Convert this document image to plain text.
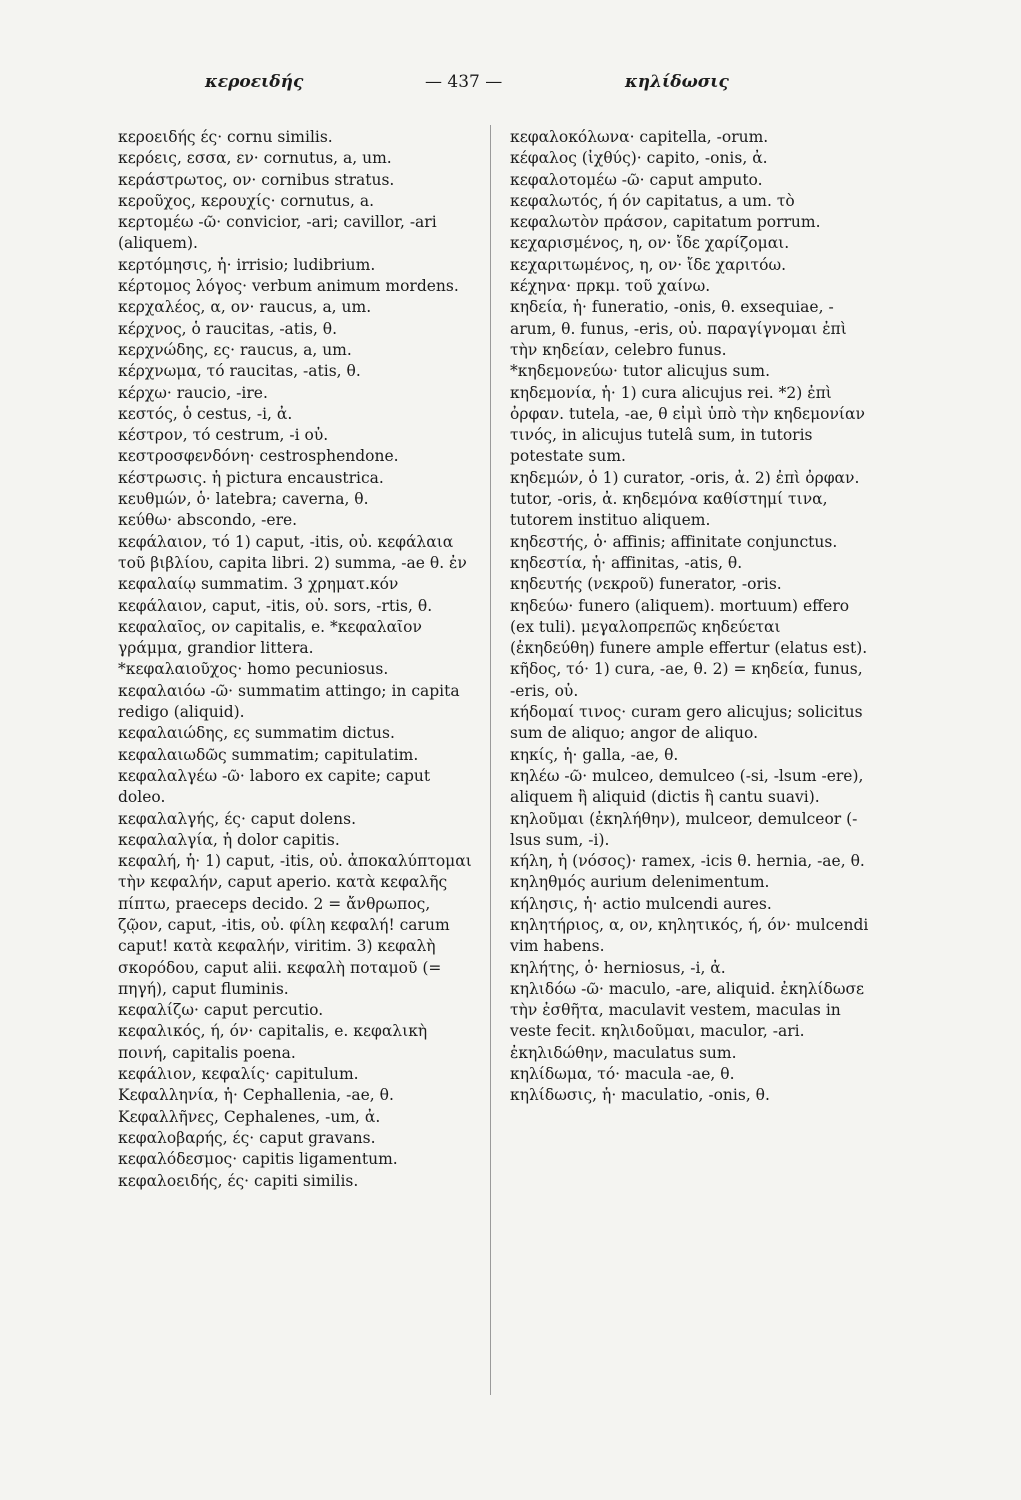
κεροειδής	— 437 —	κηλίδωσις

κεροειδής ές· cornu similis.

κερόεις, εσσα, εν· cornutus, a, um.

κεράστρωτος, ον· cornibus stratus.

κεροῦχος, κερουχίς· cornutus, a.

κερτομέω -ῶ· convicior, -ari; cavillor, -ari (aliquem).

κερτόμησις, ἡ· irrisio; ludibrium.

κέρτομος λόγος· verbum animum mordens.

κερχαλέος, α, ον· raucus, a, um.

κέρχνος, ὁ raucitas, -atis, θ.

κερχνώδης, ες· raucus, a, um.

κέρχνωμα, τό raucitas, -atis, θ.

κέρχω· raucio, -ire.

κεστός, ὁ cestus, -i, ἀ.

κέστρον, τό cestrum, -i οὐ.

κεστροσφενδόνη· cestrosphendone.

κέστρωσις. ἡ pictura encaustrica.

κευθμών, ὁ· latebra; caverna, θ.

κεύθω· abscondo, -ere.

κεφάλαιον, τό 1) caput, -itis, οὐ. κεφάλαια τοῦ βιβλίου, capita libri. 2) summa, -ae θ. ἐν κεφαλαίῳ summatim. 3 χρηματ.κόν κεφάλαιον, caput, -itis, οὐ. sors, -rtis, θ.

κεφαλαῖος, ον capitalis, e. *κεφαλαῖον γράμμα, grandior littera.

*κεφαλαιοῦχος· homo pecuniosus.

κεφαλαιόω -ῶ· summatim attingo; in capita redigo (aliquid).

κεφαλαιώδης, ες summatim dictus.

κεφαλαιωδῶς summatim; capitulatim.

κεφαλαλγέω -ῶ· laboro ex capite; caput doleo.

κεφαλαλγής, ές· caput dolens.

κεφαλαλγία, ἡ dolor capitis.

κεφαλή, ἡ· 1) caput, -itis, οὐ. ἀποκαλύπτομαι τὴν κεφαλήν, caput aperio. κατὰ κεφαλῆς πίπτω, praeceps decido. 2 = ἄνθρωπος, ζῷον, caput, -itis, οὐ. φίλη κεφαλή! carum caput! κατὰ κεφαλήν, viritim. 3) κεφαλὴ σκορόδου, caput alii. κεφαλὴ ποταμοῦ (= πηγή), caput fluminis.

κεφαλίζω· caput percutio.

κεφαλικός, ή, όν· capitalis, e. κεφαλικὴ ποινή, capitalis poena.

κεφάλιον, κεφαλίς· capitulum.

Κεφαλληνία, ἡ· Cephallenia, -ae, θ. Κεφαλλῆνες, Cephalenes, -um, ἀ.

κεφαλοβαρής, ές· caput gravans.

κεφαλόδεσμος· capitis ligamentum.

κεφαλοειδής, ές· capiti similis.

κεφαλοκόλωνα· capitella, -orum.

κέφαλος (ἰχθύς)· capito, -onis, ἀ.

κεφαλοτομέω -ῶ· caput amputo.

κεφαλωτός, ή όν capitatus, a um. τὸ κεφαλωτὸν πράσον, capitatum porrum.

κεχαρισμένος, η, ον· ἴδε χαρίζομαι.

κεχαριτωμένος, η, ον· ἴδε χαριτόω.

κέχηνα· πρκμ. τοῦ χαίνω.

κηδεία, ἡ· funeratio, -onis, θ. exsequiae, -arum, θ. funus, -eris, οὐ. παραγίγνομαι ἐπὶ τὴν κηδείαν, celebro funus.

*κηδεμονεύω· tutor alicujus sum.

κηδεμονία, ἡ· 1) cura alicujus rei. *2) ἐπὶ ὀρφαν. tutela, -ae, θ εἰμὶ ὑπὸ τὴν κηδεμονίαν τινός, in alicujus tutelâ sum, in tutoris potestate sum.

κηδεμών, ὁ 1) curator, -oris, ἀ. 2) ἐπὶ ὀρφαν. tutor, -oris, ἀ. κηδεμόνα καθίστημί τινα, tutorem instituo aliquem.

κηδεστής, ὁ· affinis; affinitate conjunctus.

κηδεστία, ἡ· affinitas, -atis, θ.

κηδευτής (νεκροῦ) funerator, -oris.

κηδεύω· funero (aliquem). mortuum) effero (ex tuli). μεγαλοπρεπῶς κηδεύεται (ἐκηδεύθη) funere ample effertur (elatus est).

κῆδος, τό· 1) cura, -ae, θ. 2) = κηδεία, funus, -eris, οὐ.

κήδομαί τινος· curam gero alicujus; solicitus sum de aliquo; angor de aliquo.

κηκίς, ἡ· galla, -ae, θ.

κηλέω -ῶ· mulceo, demulceo (-si, -lsum -ere), aliquem ἢ aliquid (dictis ἢ cantu suavi). κηλοῦμαι (ἐκηλήθην), mulceor, demulceor (-lsus sum, -i).

κήλη, ἡ (νόσος)· ramex, -icis θ. hernia, -ae, θ.

κηληθμός aurium delenimentum.

κήλησις, ἡ· actio mulcendi aures.

κηλητήριος, α, ον, κηλητικός, ή, όν· mulcendi vim habens.

κηλήτης, ὁ· herniosus, -i, ἀ.

κηλιδόω -ῶ· maculo, -are, aliquid. ἐκηλίδωσε τὴν ἐσθῆτα, maculavit vestem, maculas in veste fecit. κηλιδοῦμαι, maculor, -ari. ἐκηλιδώθην, maculatus sum.

κηλίδωμα, τό· macula -ae, θ.

κηλίδωσις, ἡ· maculatio, -onis, θ.
